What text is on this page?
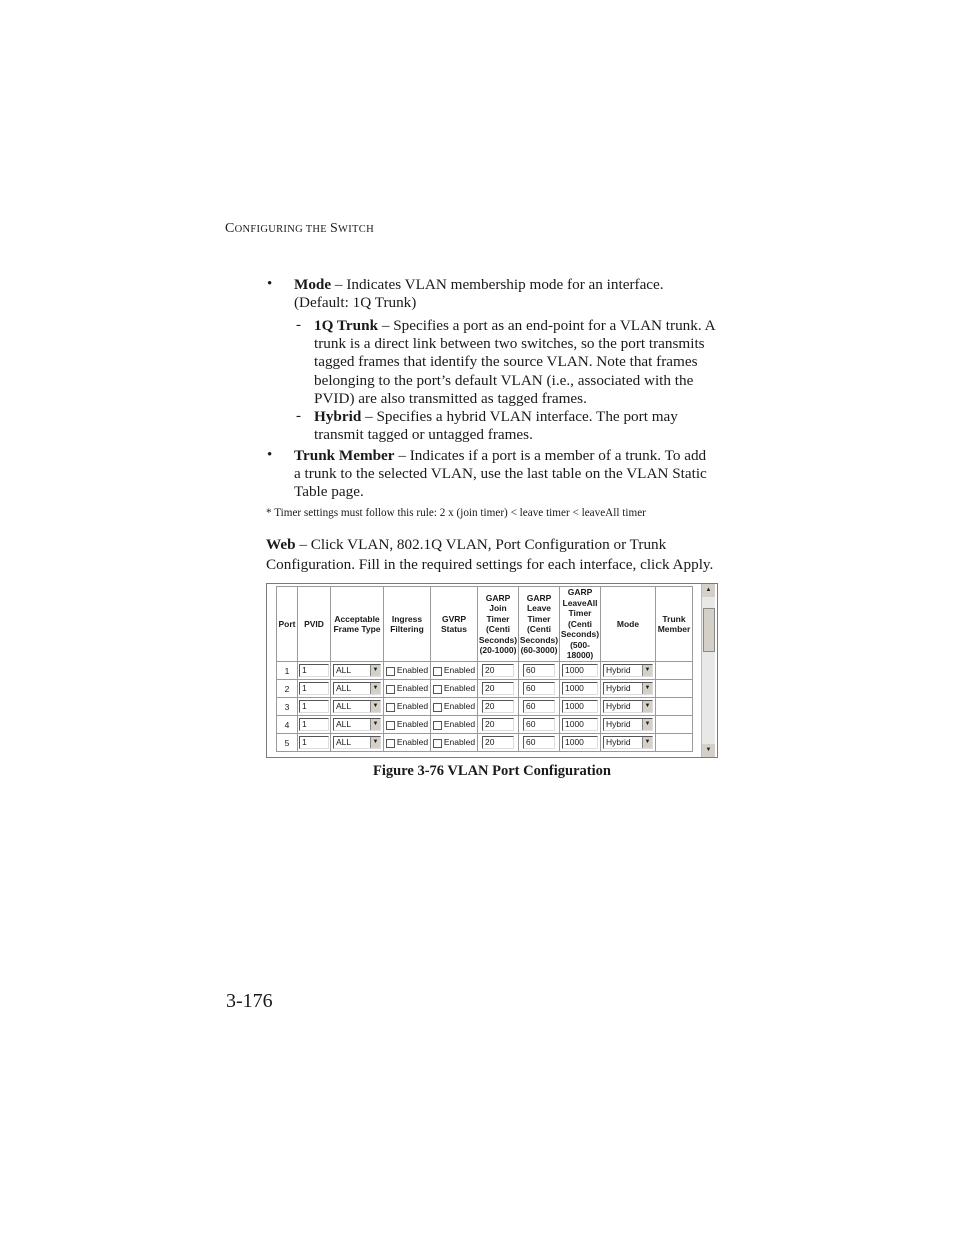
CONFIGURING THE SWITCH
• Mode – Indicates VLAN membership mode for an interface. (Default: 1Q Trunk)
- 1Q Trunk – Specifies a port as an end-point for a VLAN trunk. A trunk is a direct link between two switches, so the port transmits tagged frames that identify the source VLAN. Note that frames belonging to the port’s default VLAN (i.e., associated with the PVID) are also transmitted as tagged frames.
- Hybrid – Specifies a hybrid VLAN interface. The port may transmit tagged or untagged frames.
• Trunk Member – Indicates if a port is a member of a trunk. To add a trunk to the selected VLAN, use the last table on the VLAN Static Table page.
* Timer settings must follow this rule: 2 x (join timer) < leave timer < leaveAll timer
Web – Click VLAN, 802.1Q VLAN, Port Configuration or Trunk Configuration. Fill in the required settings for each interface, click Apply.
Port	PVID	Acceptable Frame Type	Ingress Filtering	GVRP Status	GARP Join Timer (Centi Seconds) (20-1000)	GARP Leave Timer (Centi Seconds) (60-3000)	GARP LeaveAll Timer (Centi Seconds) (500-18000)	Mode	Trunk Member
1	1	ALL ▼	Enabled	Enabled	20	60	1000	Hybrid ▼	

2	1	ALL ▼	Enabled	Enabled	20	60	1000	Hybrid ▼	

3	1	ALL ▼	Enabled	Enabled	20	60	1000	Hybrid ▼	

4	1	ALL ▼	Enabled	Enabled	20	60	1000	Hybrid ▼	

5	1	ALL ▼	Enabled	Enabled	20	60	1000	Hybrid ▼	

▲
▼
Figure 3-76 VLAN Port Configuration
3-176
